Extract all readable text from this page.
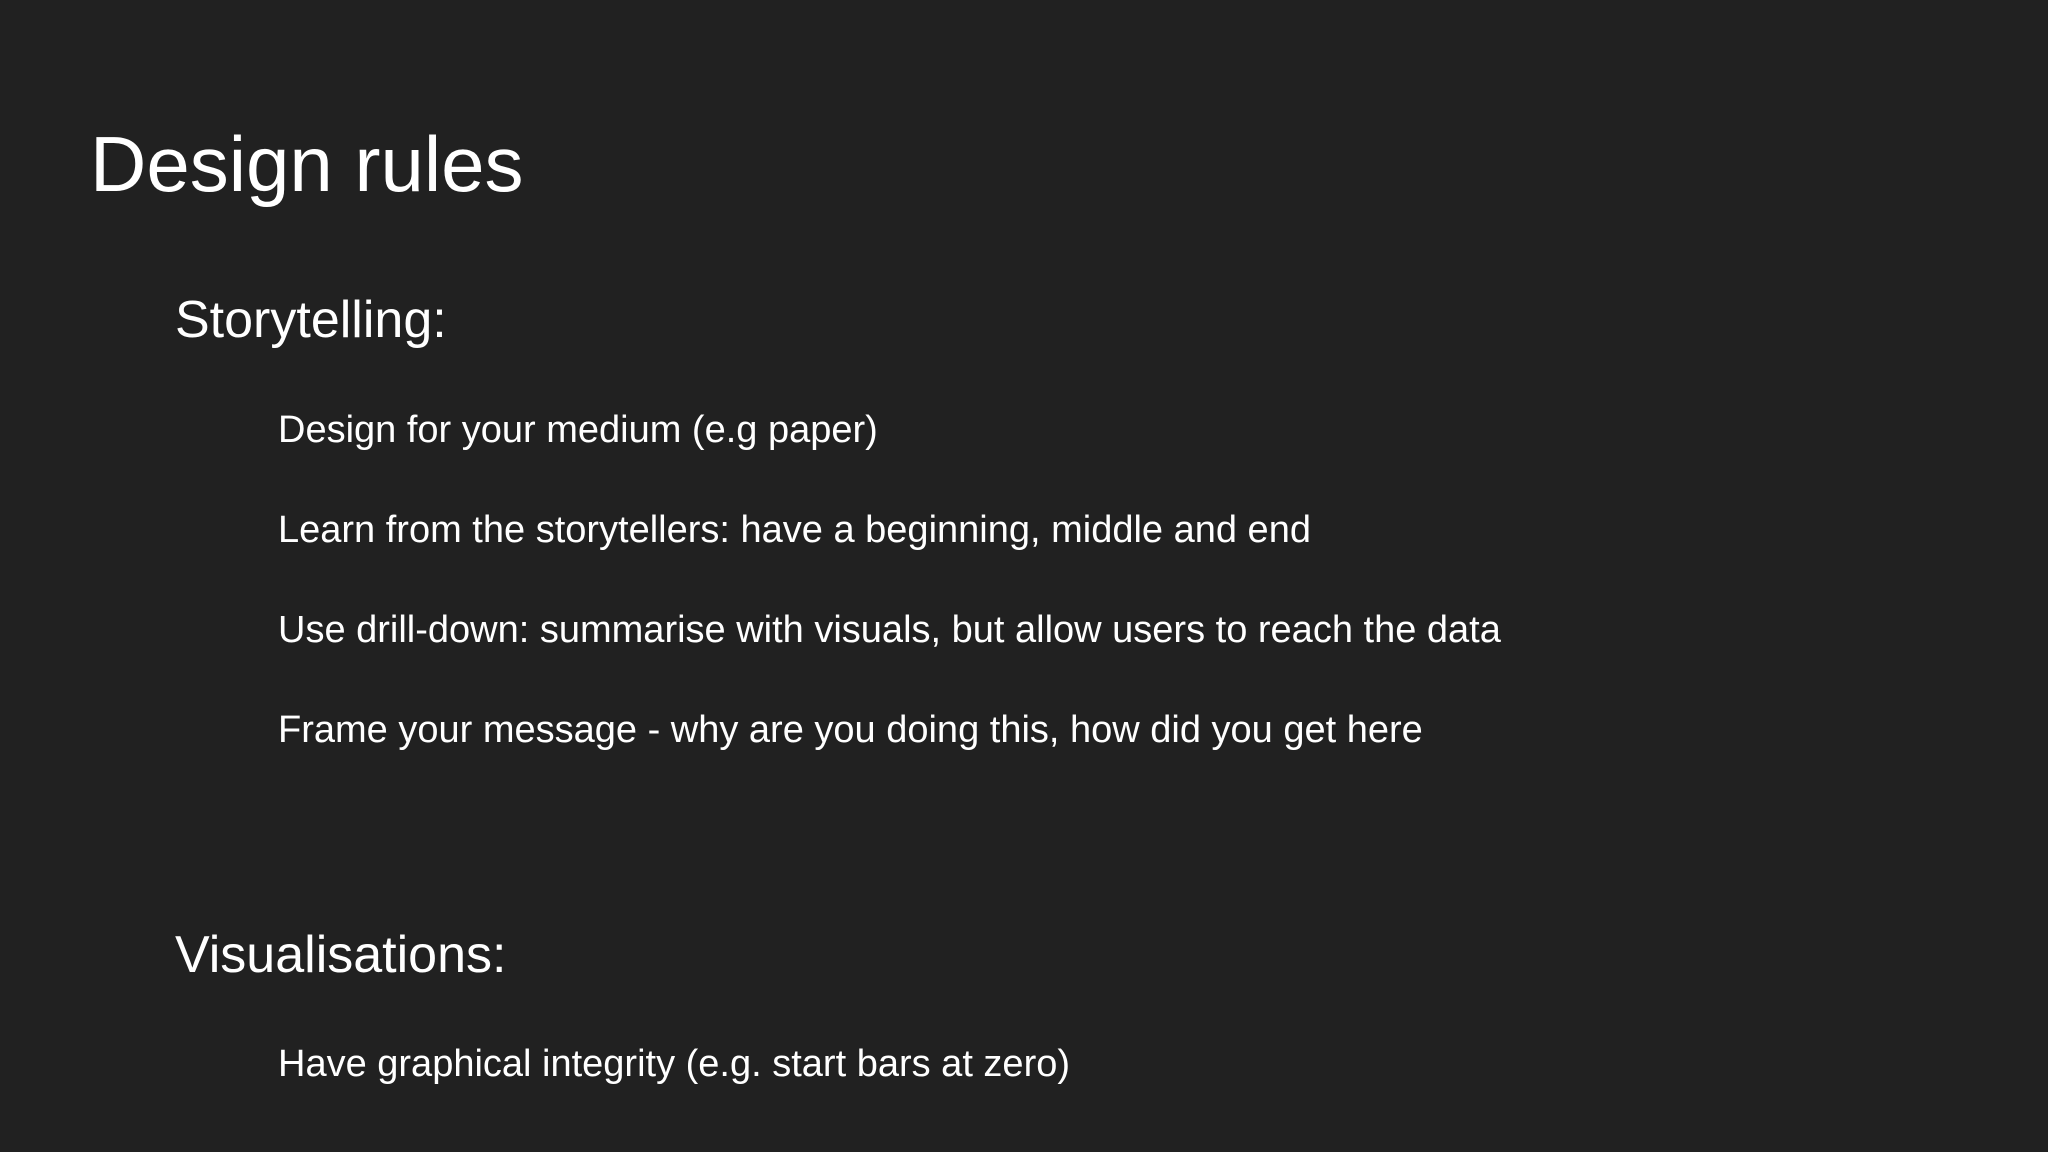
Design rules
Storytelling:

Design for your medium (e.g paper)

Learn from the storytellers: have a beginning, middle and end

Use drill-down: summarise with visuals, but allow users to reach the data

Frame your message - why are you doing this, how did you get here

Visualisations:

Have graphical integrity (e.g. start bars at zero)
